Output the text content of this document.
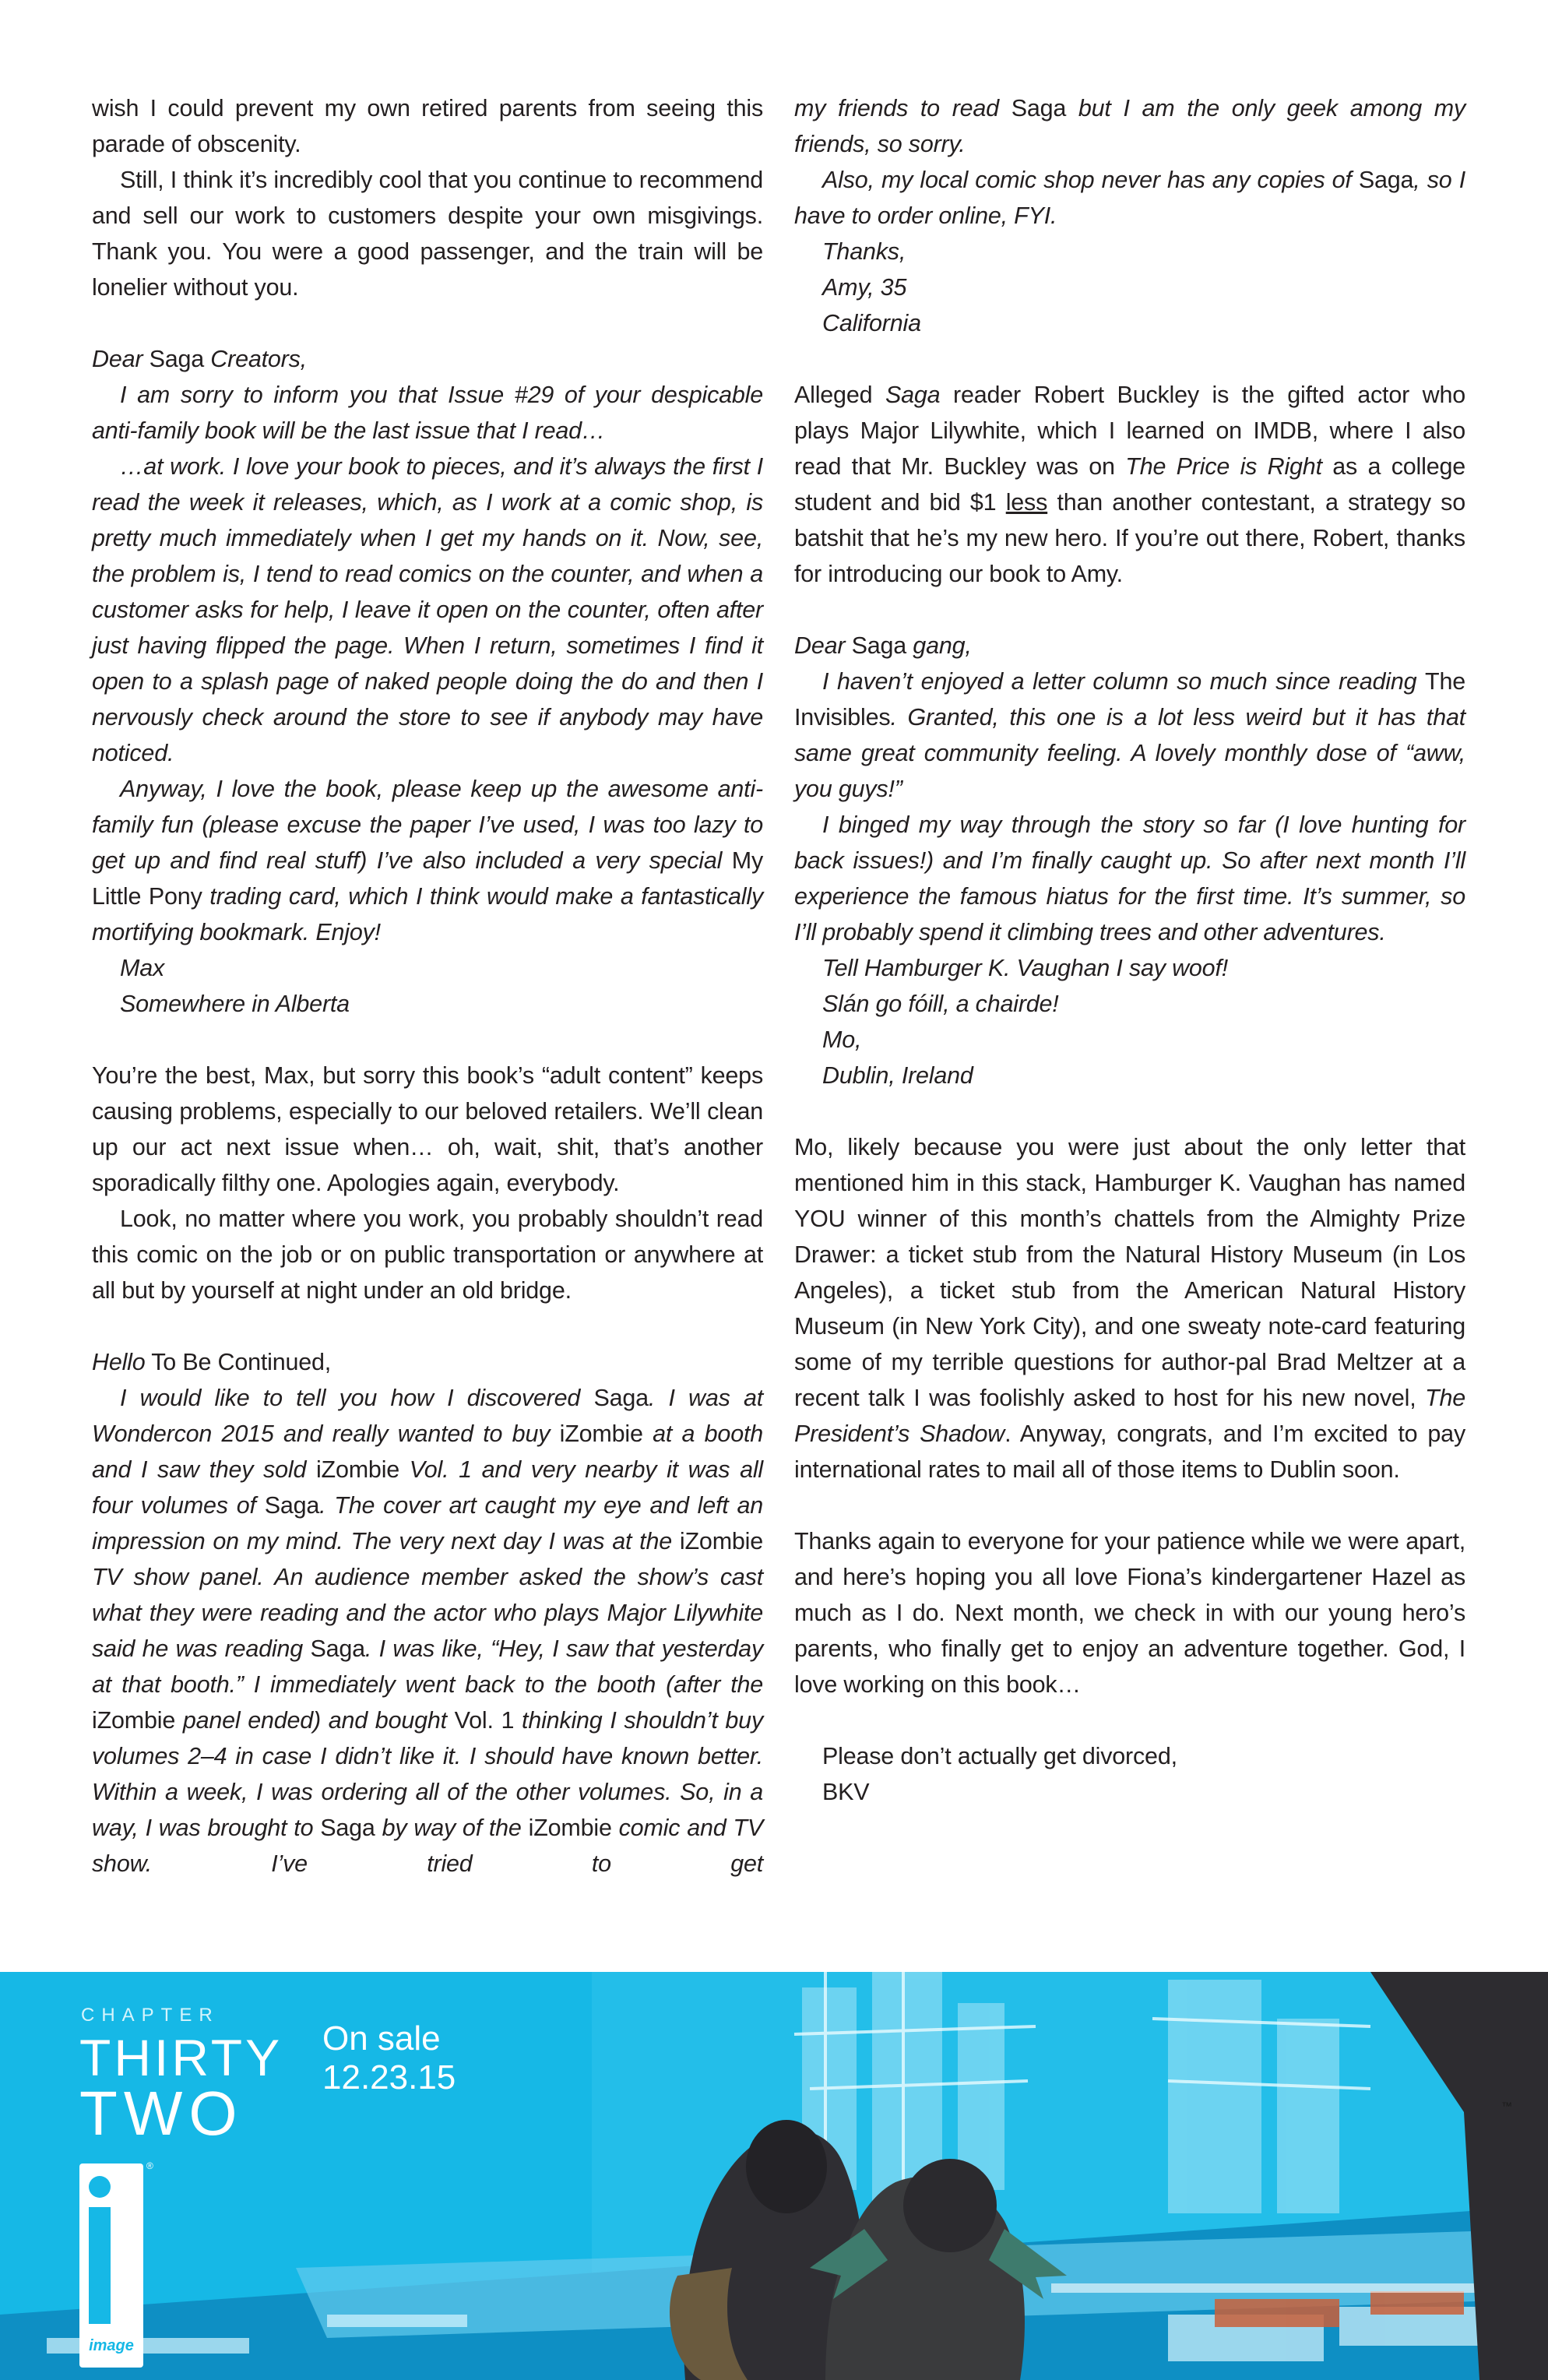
wish I could prevent my own retired parents from seeing this parade of obscenity.

Still, I think it’s incredibly cool that you continue to recommend and sell our work to customers despite your own misgivings. Thank you. You were a good passenger, and the train will be lonelier without you.

Dear Saga Creators,

I am sorry to inform you that Issue #29 of your despicable anti-family book will be the last issue that I read…

…at work. I love your book to pieces, and it’s always the first I read the week it releases, which, as I work at a comic shop, is pretty much immediately when I get my hands on it. Now, see, the problem is, I tend to read comics on the counter, and when a customer asks for help, I leave it open on the counter, often after just having flipped the page. When I return, sometimes I find it open to a splash page of naked people doing the do and then I nervously check around the store to see if anybody may have noticed.

Anyway, I love the book, please keep up the awesome anti-family fun (please excuse the paper I’ve used, I was too lazy to get up and find real stuff) I’ve also included a very special My Little Pony trading card, which I think would make a fantastically mortifying bookmark. Enjoy!

Max

Somewhere in Alberta

You’re the best, Max, but sorry this book’s “adult content” keeps causing problems, especially to our beloved retailers. We’ll clean up our act next issue when… oh, wait, shit, that’s another sporadically filthy one. Apologies again, everybody.

Look, no matter where you work, you probably shouldn’t read this comic on the job or on public transportation or anywhere at all but by yourself at night under an old bridge.

Hello To Be Continued,

I would like to tell you how I discovered Saga. I was at Wondercon 2015 and really wanted to buy iZombie at a booth and I saw they sold iZombie Vol. 1 and very nearby it was all four volumes of Saga. The cover art caught my eye and left an impression on my mind. The very next day I was at the iZombie TV show panel. An audience member asked the show’s cast what they were reading and the actor who plays Major Lilywhite said he was reading Saga. I was like, “Hey, I saw that yesterday at that booth.” I immediately went back to the booth (after the iZombie panel ended) and bought Vol. 1 thinking I shouldn’t buy volumes 2–4 in case I didn’t like it. I should have known better. Within a week, I was ordering all of the other volumes. So, in a way, I was brought to Saga by way of the iZombie comic and TV show. I’ve tried to get

my friends to read Saga but I am the only geek among my friends, so sorry.

Also, my local comic shop never has any copies of Saga, so I have to order online, FYI.

Thanks,

Amy, 35

California

Alleged Saga reader Robert Buckley is the gifted actor who plays Major Lilywhite, which I learned on IMDB, where I also read that Mr. Buckley was on The Price is Right as a college student and bid $1 less than another contestant, a strategy so batshit that he’s my new hero. If you’re out there, Robert, thanks for introducing our book to Amy.

Dear Saga gang,

I haven’t enjoyed a letter column so much since reading The Invisibles. Granted, this one is a lot less weird but it has that same great community feeling. A lovely monthly dose of “aww, you guys!”

I binged my way through the story so far (I love hunting for back issues!) and I’m finally caught up. So after next month I’ll experience the famous hiatus for the first time. It’s summer, so I’ll probably spend it climbing trees and other adventures.

Tell Hamburger K. Vaughan I say woof!

Slán go fóill, a chairde!

Mo,

Dublin, Ireland

Mo, likely because you were just about the only letter that mentioned him in this stack, Hamburger K. Vaughan has named YOU winner of this month’s chattels from the Almighty Prize Drawer: a ticket stub from the Natural History Museum (in Los Angeles), a ticket stub from the American Natural History Museum (in New York City), and one sweaty note-card featuring some of my terrible questions for author-pal Brad Meltzer at a recent talk I was foolishly asked to host for his new novel, The President’s Shadow. Anyway, congrats, and I’m excited to pay international rates to mail all of those items to Dublin soon.

Thanks again to everyone for your patience while we were apart, and here’s hoping you all love Fiona’s kindergartener Hazel as much as I do. Next month, we check in with our young hero’s parents, who finally get to enjoy an adventure together. God, I love working on this book…

Please don’t actually get divorced,

BKV

CHAPTER
THIRTY
TWO
On sale
12.23.15
image
®
™
